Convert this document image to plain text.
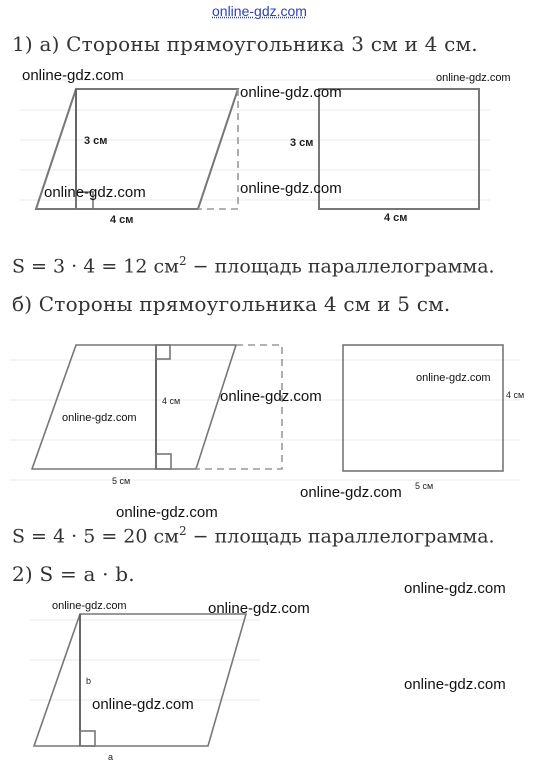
online-gdz.com
1) а) Стороны прямоугольника 3 см и 4 см.
3 см
4 см
3 см
4 см
S = 3 · 4 = 12 $см^2$ − площадь параллелограмма.
б) Стороны прямоугольника 4 см и 5 см.
4 см
5 см
4 см
5 см
S = 4 · 5 = 20 $см^2$ − площадь параллелограмма.
2) S = a · b.
b
a
online-gdz.com
online-gdz.com
online-gdz.com
online-gdz.com	online-gdz.com
online-gdz.com
online-gdz.com
online-gdz.com
online-gdz.com
online-gdz.com
online-gdz.com
online-gdz.com	online-gdz.com
online-gdz.com
online-gdz.com
